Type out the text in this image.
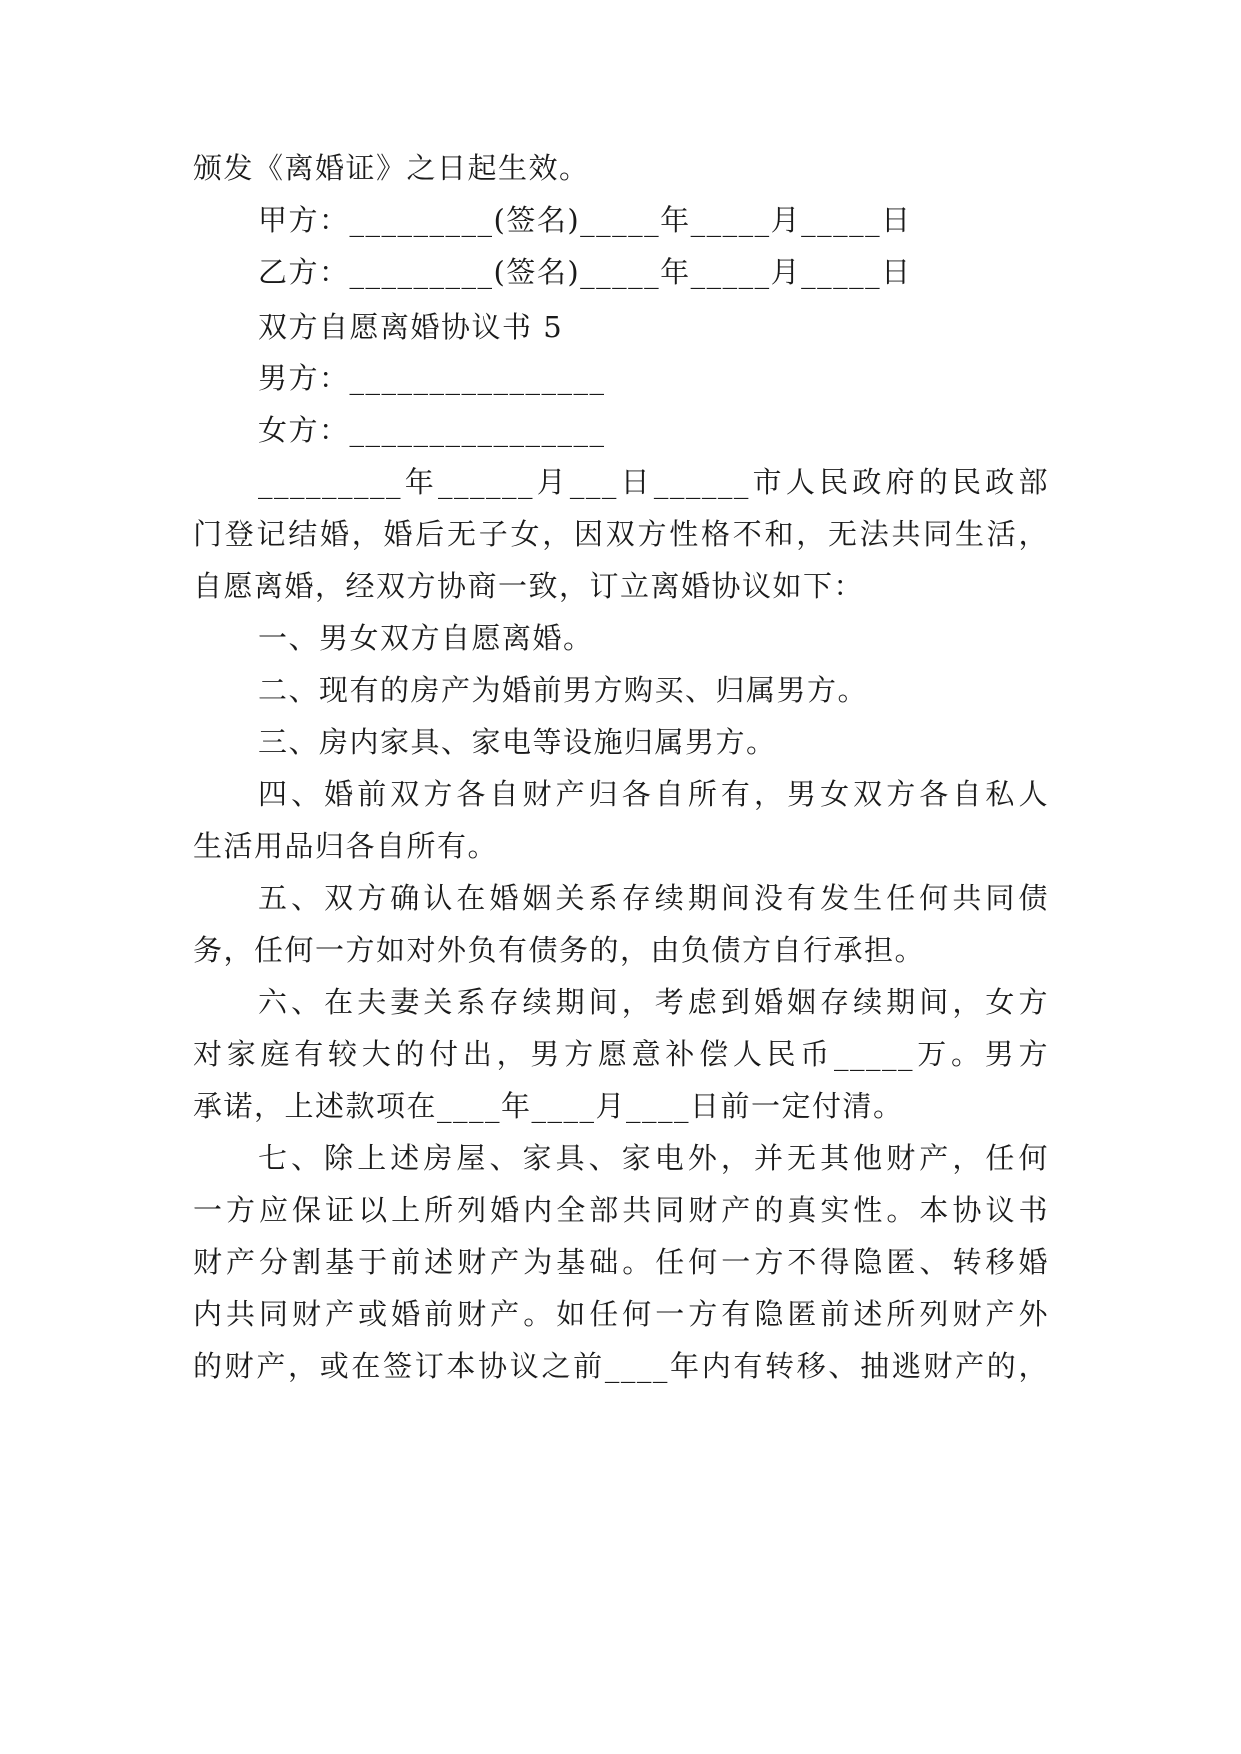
颁发《离婚证》之日起生效。
甲方：_________(签名)_____年_____月_____日
乙方：_________(签名)_____年_____月_____日
双方自愿离婚协议书 5
男方：________________
女方：________________
_________年______月___日______市人民政府的民政部
门登记结婚，婚后无子女，因双方性格不和，无法共同生活，
自愿离婚，经双方协商一致，订立离婚协议如下：
一、男女双方自愿离婚。
二、现有的房产为婚前男方购买、归属男方。
三、房内家具、家电等设施归属男方。
四、婚前双方各自财产归各自所有，男女双方各自私人
生活用品归各自所有。
五、双方确认在婚姻关系存续期间没有发生任何共同债
务，任何一方如对外负有债务的，由负债方自行承担。
六、在夫妻关系存续期间，考虑到婚姻存续期间，女方
对家庭有较大的付出，男方愿意补偿人民币_____万。男方
承诺，上述款项在____年____月____日前一定付清。
七、除上述房屋、家具、家电外，并无其他财产，任何
一方应保证以上所列婚内全部共同财产的真实性。本协议书
财产分割基于前述财产为基础。任何一方不得隐匿、转移婚
内共同财产或婚前财产。如任何一方有隐匿前述所列财产外
的财产，或在签订本协议之前____年内有转移、抽逃财产的，
